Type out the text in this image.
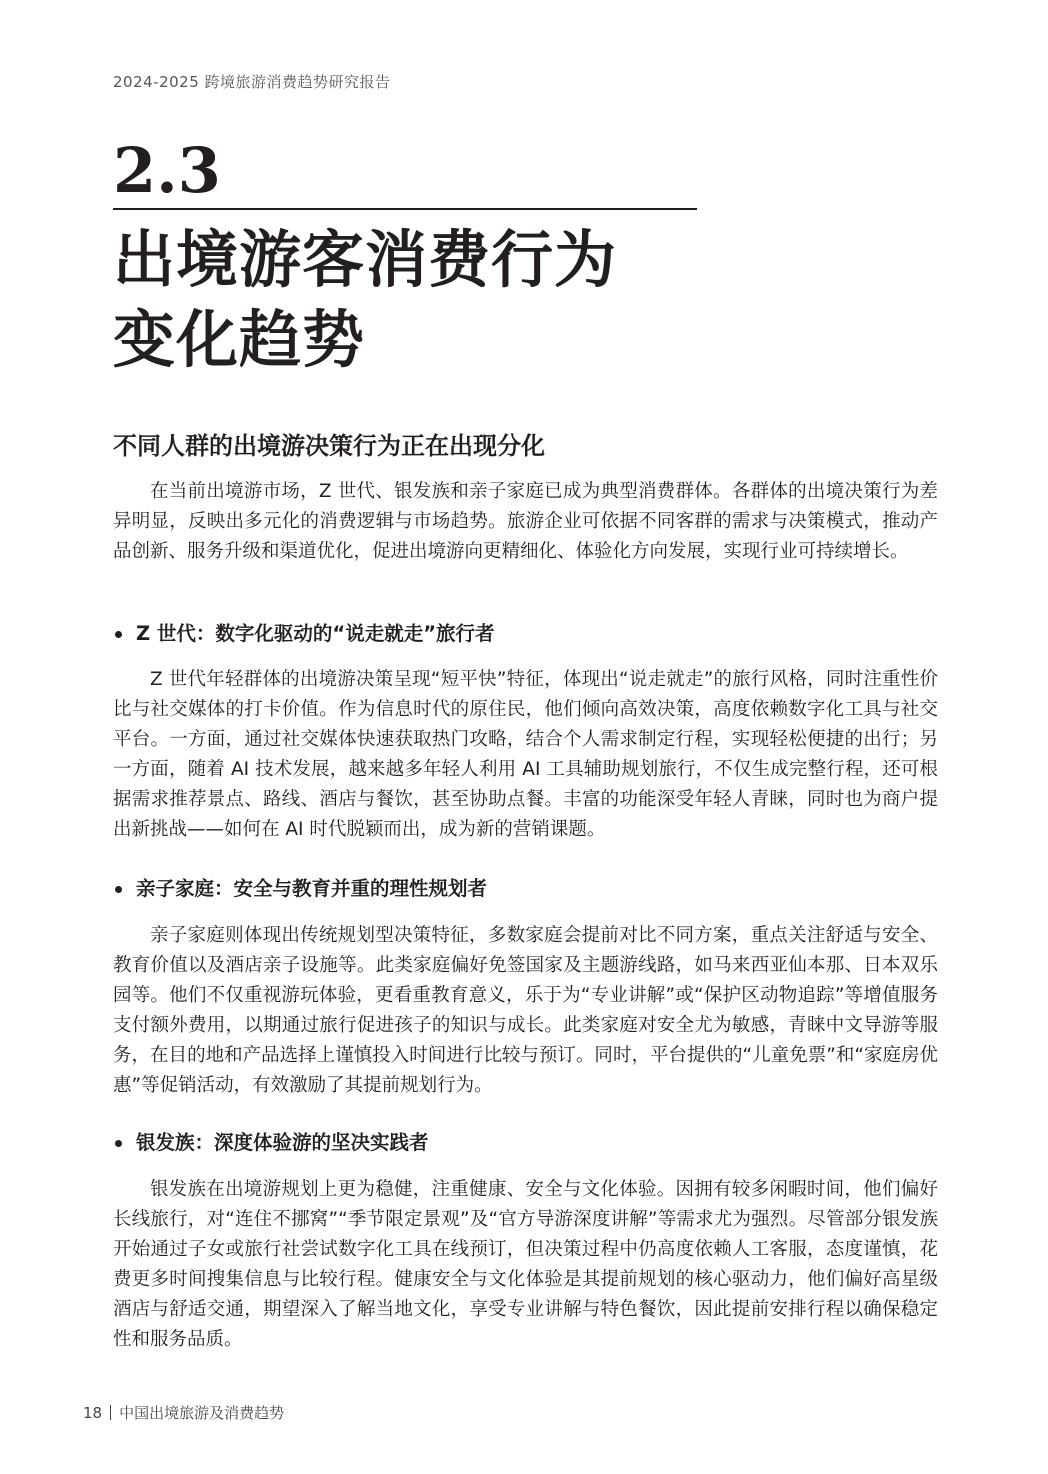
2024-2025 跨境旅游消费趋势研究报告
2.3
出境游客消费行为
变化趋势
不同人群的出境游决策行为正在出现分化

在当前出境游市场，Z 世代、银发族和亲子家庭已成为典型消费群体。各群体的出境决策行为差异明显，反映出多元化的消费逻辑与市场趋势。旅游企业可依据不同客群的需求与决策模式，推动产品创新、服务升级和渠道优化，促进出境游向更精细化、体验化方向发展，实现行业可持续增长。

Z 世代：数字化驱动的“说走就走”旅行者

Z 世代年轻群体的出境游决策呈现“短平快”特征，体现出“说走就走”的旅行风格，同时注重性价比与社交媒体的打卡价值。作为信息时代的原住民，他们倾向高效决策，高度依赖数字化工具与社交平台。一方面，通过社交媒体快速获取热门攻略，结合个人需求制定行程，实现轻松便捷的出行；另一方面，随着 AI 技术发展，越来越多年轻人利用 AI 工具辅助规划旅行，不仅生成完整行程，还可根据需求推荐景点、路线、酒店与餐饮，甚至协助点餐。丰富的功能深受年轻人青睐，同时也为商户提出新挑战——如何在 AI 时代脱颖而出，成为新的营销课题。

亲子家庭：安全与教育并重的理性规划者

亲子家庭则体现出传统规划型决策特征，多数家庭会提前对比不同方案，重点关注舒适与安全、教育价值以及酒店亲子设施等。此类家庭偏好免签国家及主题游线路，如马来西亚仙本那、日本双乐园等。他们不仅重视游玩体验，更看重教育意义，乐于为“专业讲解”或“保护区动物追踪”等增值服务支付额外费用，以期通过旅行促进孩子的知识与成长。此类家庭对安全尤为敏感，青睐中文导游等服务，在目的地和产品选择上谨慎投入时间进行比较与预订。同时，平台提供的“儿童免票”和“家庭房优惠”等促销活动，有效激励了其提前规划行为。

银发族：深度体验游的坚决实践者

银发族在出境游规划上更为稳健，注重健康、安全与文化体验。因拥有较多闲暇时间，他们偏好长线旅行，对“连住不挪窝”“季节限定景观”及“官方导游深度讲解”等需求尤为强烈。尽管部分银发族开始通过子女或旅行社尝试数字化工具在线预订，但决策过程中仍高度依赖人工客服，态度谨慎，花费更多时间搜集信息与比较行程。健康安全与文化体验是其提前规划的核心驱动力，他们偏好高星级酒店与舒适交通，期望深入了解当地文化，享受专业讲解与特色餐饮，因此提前安排行程以确保稳定性和服务品质。

18 中国出境旅游及消费趋势
